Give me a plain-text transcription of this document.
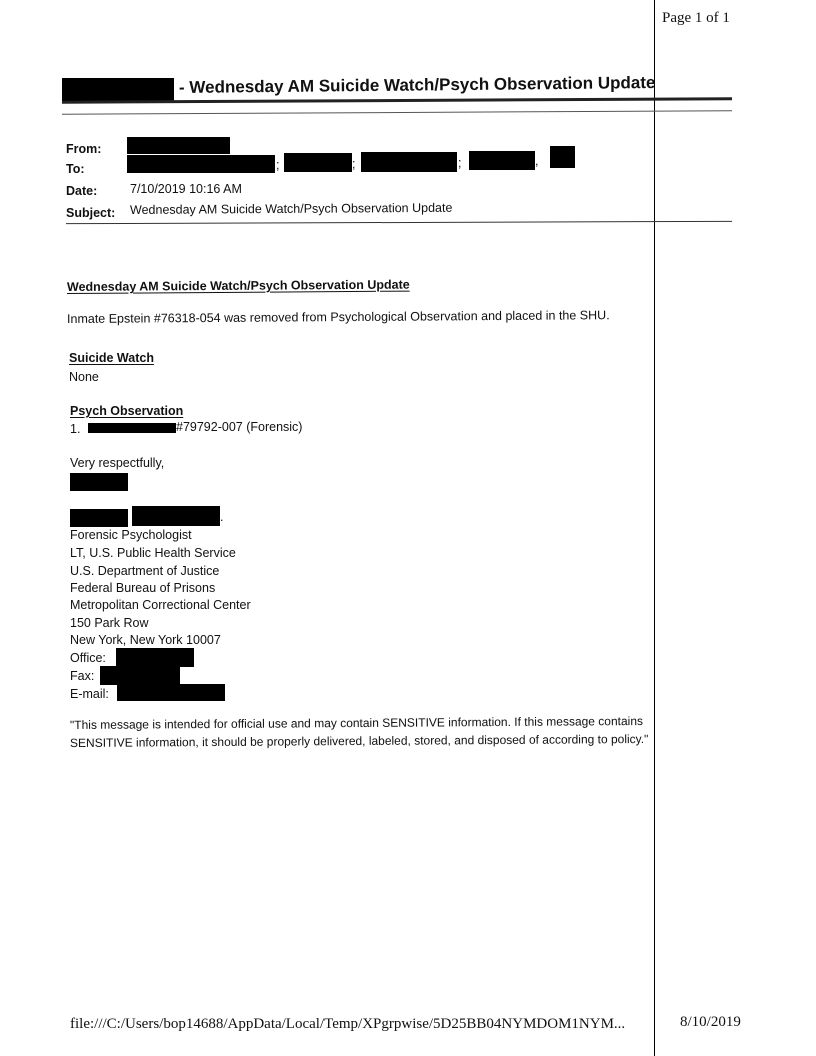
Page 1 of 1
- Wednesday AM Suicide Watch/Psych Observation Update
From:
To:	;	;	;	,
Date:	7/10/2019 10:16 AM
Subject: Wednesday AM Suicide Watch/Psych Observation Update
Wednesday AM Suicide Watch/Psych Observation Update
Inmate Epstein #76318-054 was removed from Psychological Observation and placed in the SHU.
Suicide Watch
None
Psych Observation
1.	#79792-007 (Forensic)
Very respectfully,
.
Forensic Psychologist
LT, U.S. Public Health Service
U.S. Department of Justice
Federal Bureau of Prisons
Metropolitan Correctional Center
150 Park Row
New York, New York 10007
Office:
Fax:
E-mail:
"This message is intended for official use and may contain SENSITIVE information. If this message contains
SENSITIVE information, it should be properly delivered, labeled, stored, and disposed of according to policy."
file:///C:/Users/bop14688/AppData/Local/Temp/XPgrpwise/5D25BB04NYMDOM1NYM...	8/10/2019
